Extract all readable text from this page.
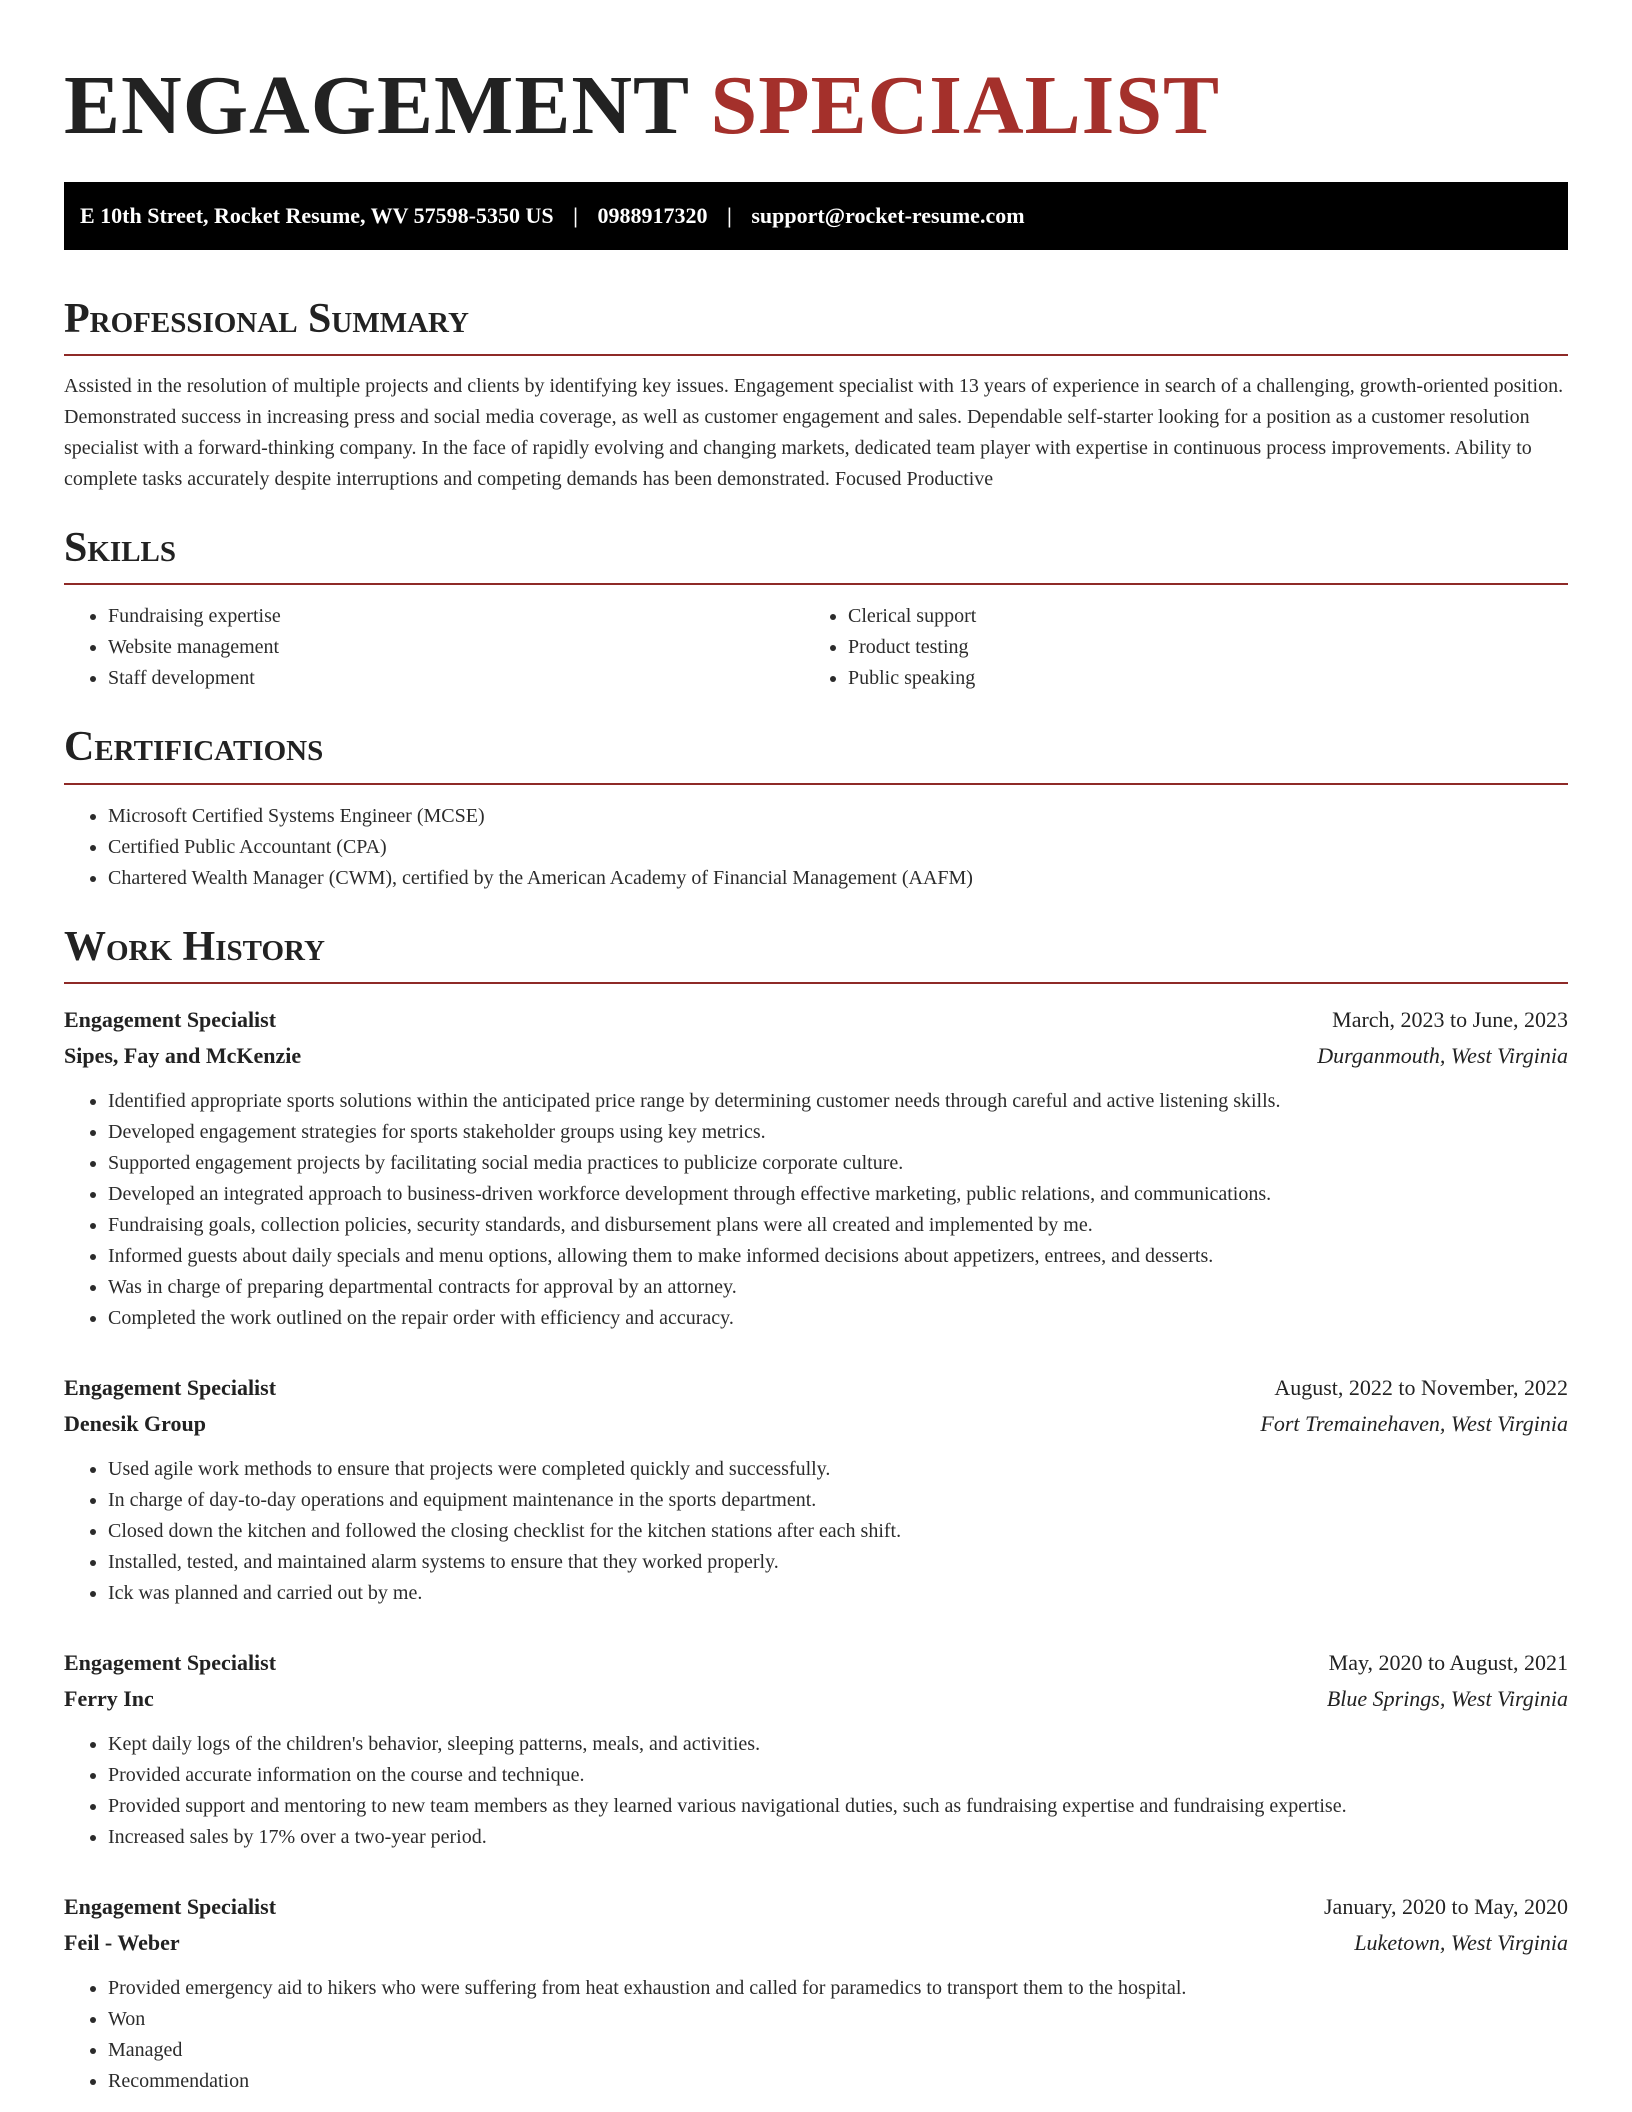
ENGAGEMENT SPECIALIST
E 10th Street, Rocket Resume, WV 57598-5350 US | 0988917320 | support@rocket-resume.com
Professional Summary

Assisted in the resolution of multiple projects and clients by identifying key issues. Engagement specialist with 13 years of experience in search of a challenging, growth-oriented position. Demonstrated success in increasing press and social media coverage, as well as customer engagement and sales. Dependable self-starter looking for a position as a customer resolution specialist with a forward-thinking company. In the face of rapidly evolving and changing markets, dedicated team player with expertise in continuous process improvements. Ability to complete tasks accurately despite interruptions and competing demands has been demonstrated. Focused Productive

Skills
• Fundraising expertise
• Website management
• Staff development
• Clerical support
• Product testing
• Public speaking
Certifications
• Microsoft Certified Systems Engineer (MCSE)
• Certified Public Accountant (CPA)
• Chartered Wealth Manager (CWM), certified by the American Academy of Financial Management (AAFM)
Work History
Engagement Specialist	March, 2023 to June, 2023
Sipes, Fay and McKenzie	Durganmouth, West Virginia
• Identified appropriate sports solutions within the anticipated price range by determining customer needs through careful and active listening skills.
• Developed engagement strategies for sports stakeholder groups using key metrics.
• Supported engagement projects by facilitating social media practices to publicize corporate culture.
• Developed an integrated approach to business-driven workforce development through effective marketing, public relations, and communications.
• Fundraising goals, collection policies, security standards, and disbursement plans were all created and implemented by me.
• Informed guests about daily specials and menu options, allowing them to make informed decisions about appetizers, entrees, and desserts.
• Was in charge of preparing departmental contracts for approval by an attorney.
• Completed the work outlined on the repair order with efficiency and accuracy.
Engagement Specialist	August, 2022 to November, 2022
Denesik Group	Fort Tremainehaven, West Virginia
• Used agile work methods to ensure that projects were completed quickly and successfully.
• In charge of day-to-day operations and equipment maintenance in the sports department.
• Closed down the kitchen and followed the closing checklist for the kitchen stations after each shift.
• Installed, tested, and maintained alarm systems to ensure that they worked properly.
• Ick was planned and carried out by me.
Engagement Specialist	May, 2020 to August, 2021
Ferry Inc	Blue Springs, West Virginia
• Kept daily logs of the children's behavior, sleeping patterns, meals, and activities.
• Provided accurate information on the course and technique.
• Provided support and mentoring to new team members as they learned various navigational duties, such as fundraising expertise and fundraising expertise.
• Increased sales by 17% over a two-year period.
Engagement Specialist	January, 2020 to May, 2020
Feil - Weber	Luketown, West Virginia
• Provided emergency aid to hikers who were suffering from heat exhaustion and called for paramedics to transport them to the hospital.
• Won
• Managed
• Recommendation
